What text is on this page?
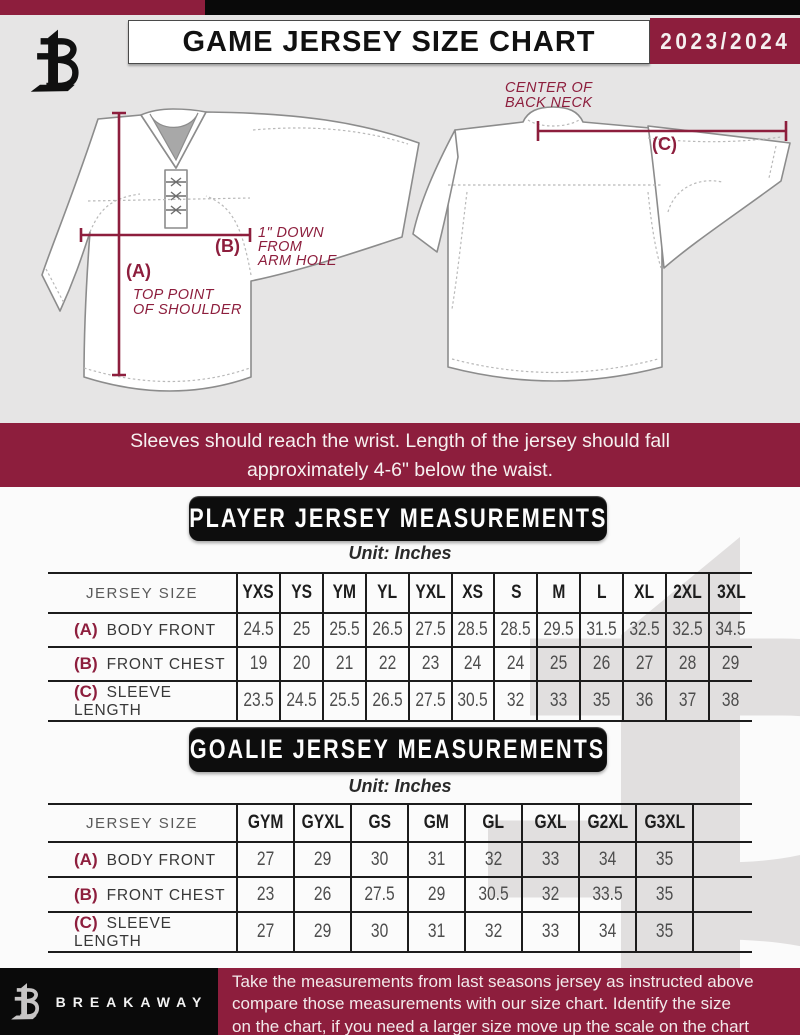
GAME JERSEY SIZE CHART	2023/2024
(A)
TOP POINT
OF SHOULDER
(B)
1" DOWN
FROM
ARM HOLE
CENTER OF
BACK NECK
(C)
Sleeves should reach the wrist. Length of the jersey should fall
approximately 4-6" below the waist.
PLAYER JERSEY MEASUREMENTS
Unit: Inches
JERSEY SIZE	YXS	YS	YM	YL	YXL	XS	S	M	L	XL	2XL	3XL
(A) BODY FRONT	24.5	25	25.5	26.5	27.5	28.5	28.5	29.5	31.5	32.5	32.5	34.5
(B) FRONT CHEST	19	20	21	22	23	24	24	25	26	27	28	29
(C) SLEEVE LENGTH	23.5	24.5	25.5	26.5	27.5	30.5	32	33	35	36	37	38
GOALIE JERSEY MEASUREMENTS
Unit: Inches
JERSEY SIZE	GYM	GYXL	GS	GM	GL	GXL	G2XL	G3XL	
(A) BODY FRONT	27	29	30	31	32	33	34	35	
(B) FRONT CHEST	23	26	27.5	29	30.5	32	33.5	35	
(C) SLEEVE LENGTH	27	29	30	31	32	33	34	35	
BREAKAWAY
Take the measurements from last seasons jersey as instructed above
compare those measurements with our size chart. Identify the size
on the chart, if you need a larger size move up the scale on the chart
